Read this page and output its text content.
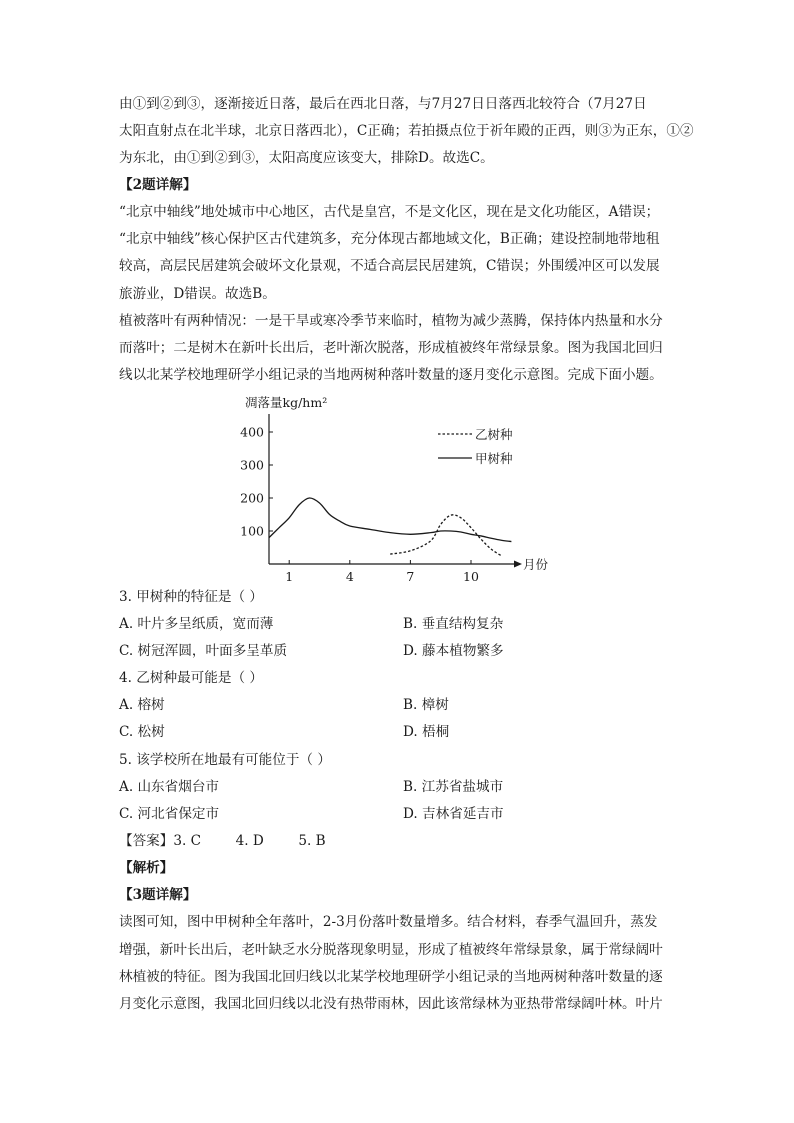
由①到②到③，逐渐接近日落，最后在西北日落，与7月27日日落西北较符合（7月27日
太阳直射点在北半球，北京日落西北），C正确；若拍摄点位于祈年殿的正西，则③为正东，①②
为东北，由①到②到③，太阳高度应该变大，排除D。故选C。
【2题详解】
“北京中轴线”地处城市中心地区，古代是皇宫，不是文化区，现在是文化功能区，A错误；
“北京中轴线”核心保护区古代建筑多，充分体现古都地域文化，B正确；建设控制地带地租
较高，高层民居建筑会破坏文化景观，不适合高层民居建筑，C错误；外围缓冲区可以发展
旅游业，D错误。故选B。
植被落叶有两种情况：一是干旱或寒冷季节来临时，植物为减少蒸腾，保持体内热量和水分
而落叶；二是树木在新叶长出后，老叶渐次脱落，形成植被终年常绿景象。图为我国北回归
线以北某学校地理研学小组记录的当地两树种落叶数量的逐月变化示意图。完成下面小题。
凋落量kg/hm²
月份
100
200
300
400
1	4	7	10
乙树种
甲树种
3. 甲树种的特征是（ ）
A. 叶片多呈纸质，宽而薄	B. 垂直结构复杂
C. 树冠浑圆，叶面多呈革质	D. 藤本植物繁多
4. 乙树种最可能是（ ）
A. 榕树	B. 樟树
C. 松树	D. 梧桐
5. 该学校所在地最有可能位于（ ）
A. 山东省烟台市	B. 江苏省盐城市
C. 河北省保定市	D. 吉林省延吉市
【答案】3. C        4. D        5. B
【解析】
【3题详解】
读图可知，图中甲树种全年落叶，2-3月份落叶数量增多。结合材料，春季气温回升，蒸发
增强，新叶长出后，老叶缺乏水分脱落现象明显，形成了植被终年常绿景象，属于常绿阔叶
林植被的特征。图为我国北回归线以北某学校地理研学小组记录的当地两树种落叶数量的逐
月变化示意图，我国北回归线以北没有热带雨林，因此该常绿林为亚热带常绿阔叶林。叶片
